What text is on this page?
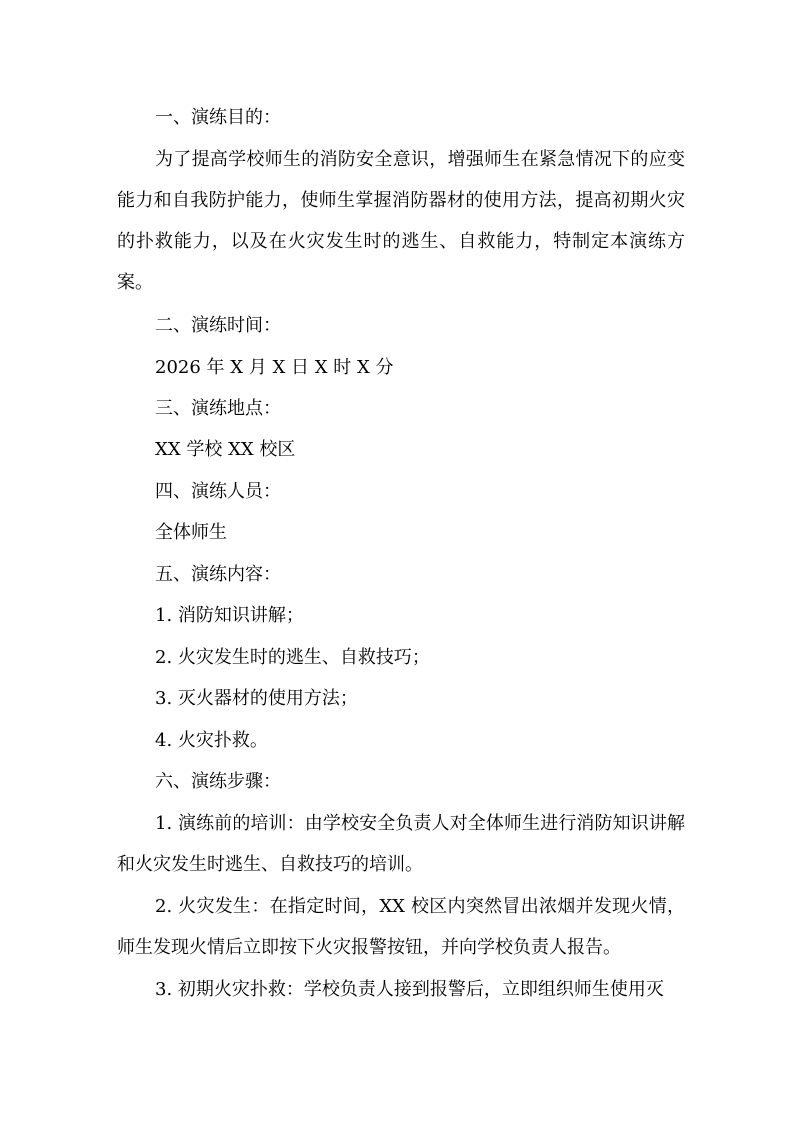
一、演练目的：

为了提高学校师生的消防安全意识，增强师生在紧急情况下的应变能力和自我防护能力，使师生掌握消防器材的使用方法，提高初期火灾的扑救能力，以及在火灾发生时的逃生、自救能力，特制定本演练方案。

二、演练时间：

2026 年 X 月 X 日 X 时 X 分

三、演练地点：

XX 学校 XX 校区

四、演练人员：

全体师生

五、演练内容：

1. 消防知识讲解；

2. 火灾发生时的逃生、自救技巧；

3. 灭火器材的使用方法；

4. 火灾扑救。

六、演练步骤：

1. 演练前的培训：由学校安全负责人对全体师生进行消防知识讲解和火灾发生时逃生、自救技巧的培训。

2. 火灾发生：在指定时间，XX 校区内突然冒出浓烟并发现火情，师生发现火情后立即按下火灾报警按钮，并向学校负责人报告。

3. 初期火灾扑救：学校负责人接到报警后，立即组织师生使用灭
